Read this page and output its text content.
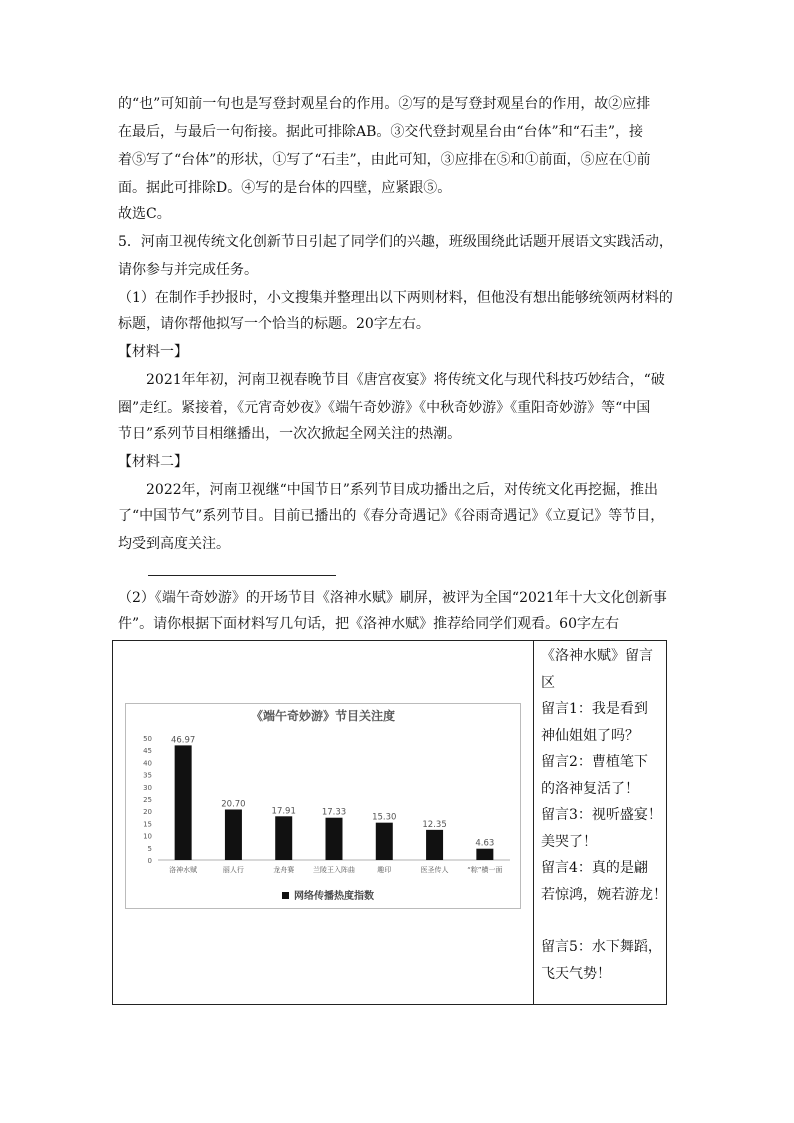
的“也”可知前一句也是写登封观星台的作用。②写的是写登封观星台的作用，故②应排
在最后，与最后一句衔接。据此可排除AB。③交代登封观星台由“台体”和“石圭”，接
着⑤写了“台体”的形状，①写了“石圭”，由此可知，③应排在⑤和①前面，⑤应在①前
面。据此可排除D。④写的是台体的四壁，应紧跟⑤。
故选C。
5．河南卫视传统文化创新节日引起了同学们的兴趣，班级围绕此话题开展语文实践活动，
请你参与并完成任务。
（1）在制作手抄报时，小文搜集并整理出以下两则材料，但他没有想出能够统领两材料的
标题，请你帮他拟写一个恰当的标题。20字左右。
【材料一】
2021年年初，河南卫视春晚节目《唐宫夜宴》将传统文化与现代科技巧妙结合，“破
圈”走红。紧接着，《元宵奇妙夜》《端午奇妙游》《中秋奇妙游》《重阳奇妙游》等“中国
节日”系列节目相继播出，一次次掀起全网关注的热潮。
【材料二】
2022年，河南卫视继“中国节日”系列节目成功播出之后，对传统文化再挖掘，推出
了“中国节气”系列节目。目前已播出的《春分奇遇记》《谷雨奇遇记》《立夏记》等节目，
均受到高度关注。
（2）《端午奇妙游》的开场节目《洛神水赋》刷屏，被评为全国“2021年十大文化创新事
件”。请你根据下面材料写几句话，把《洛神水赋》推荐给同学们观看。60字左右
《端午奇妙游》节目关注度
0
5
10
15
20
25
30
35
40
45
50 46.97
20.70
17.91	17.33	15.30
12.35
4.63
洛神水赋	丽人行	龙舟赛	兰陵王入阵曲	趣印	医圣传人	“粽”横一面
网络传播热度指数
《洛神水赋》留言
区
留言1：我是看到
神仙姐姐了吗？
留言2：曹植笔下
的洛神复活了！
留言3：视听盛宴！
美哭了！
留言4：真的是翩
若惊鸿，婉若游龙！
留言5：水下舞蹈，
飞天气势！
